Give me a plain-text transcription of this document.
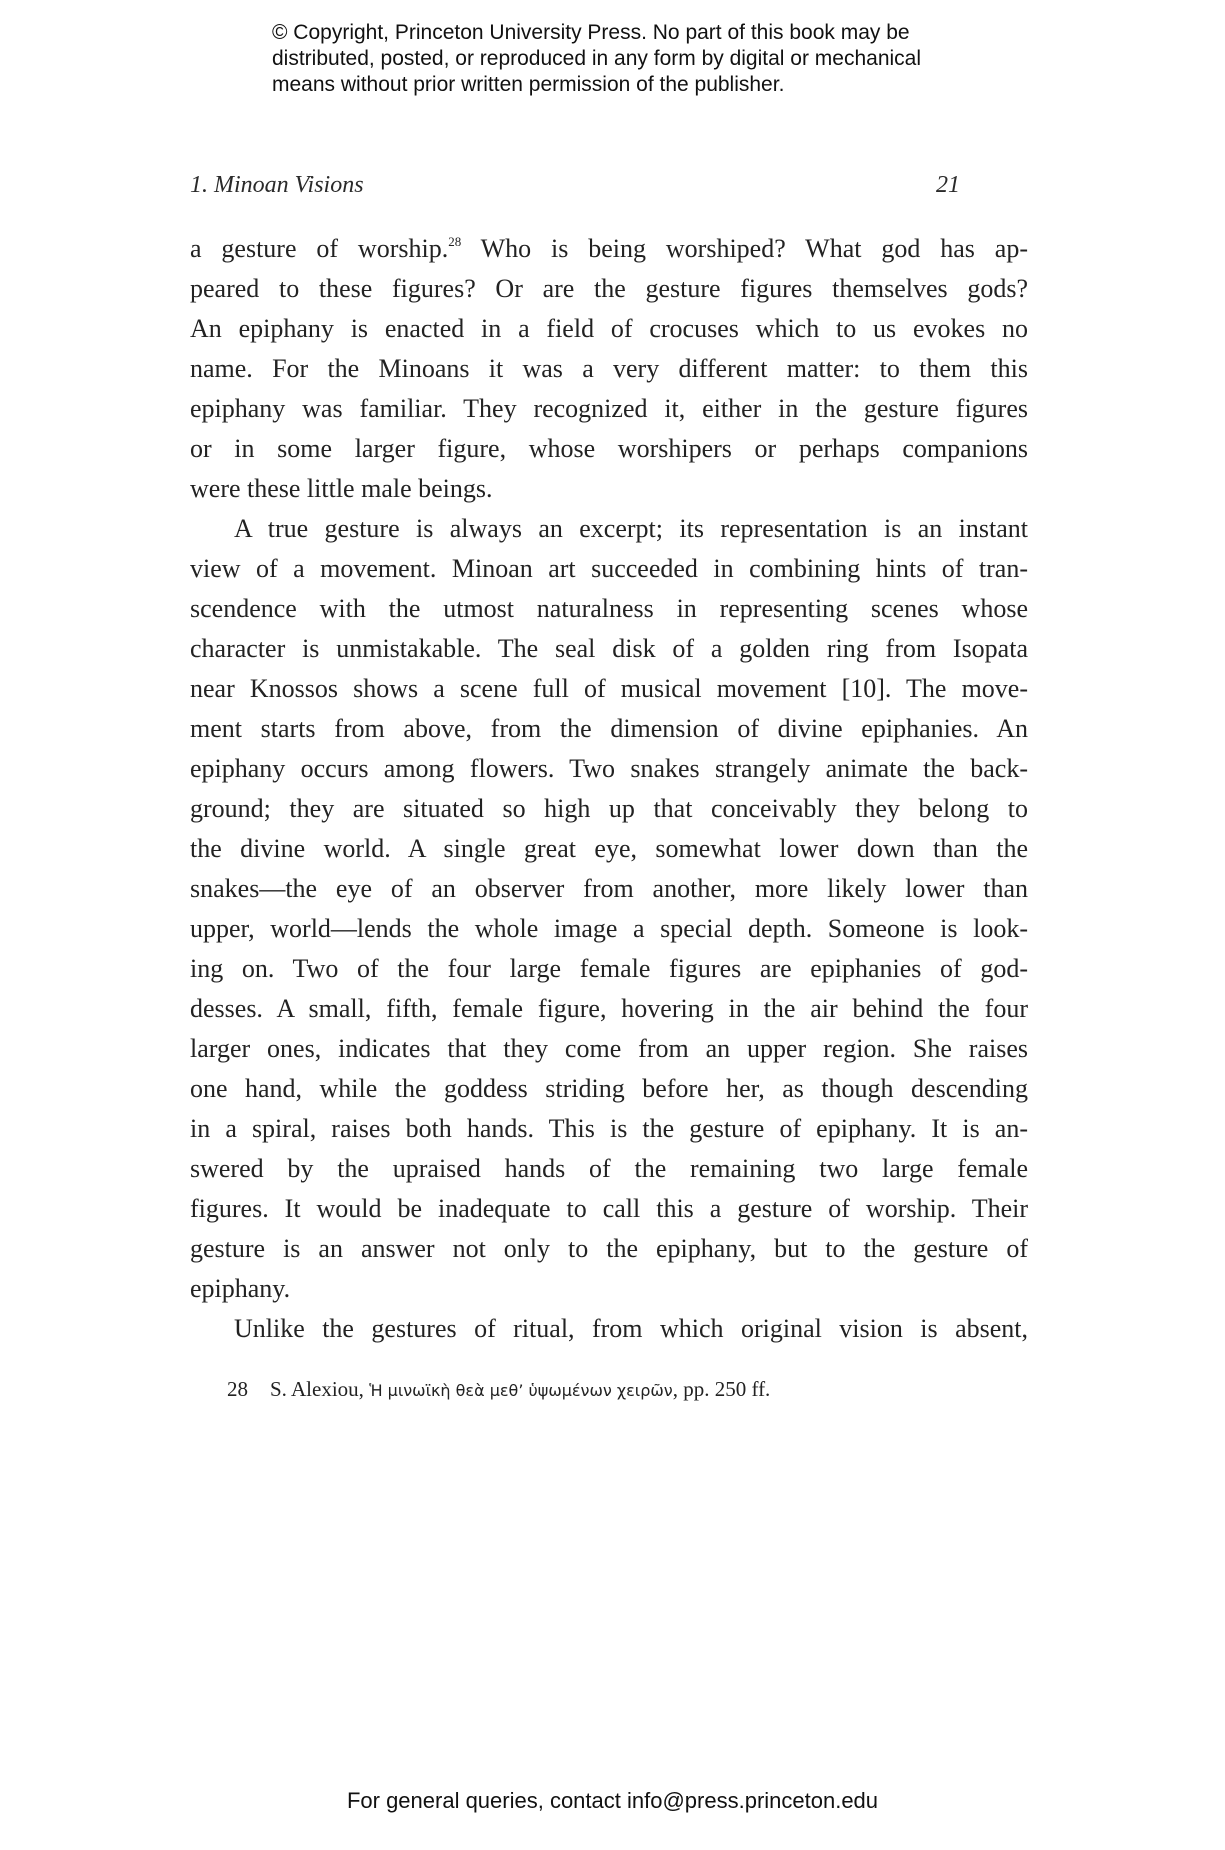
© Copyright, Princeton University Press. No part of this book may be
distributed, posted, or reproduced in any form by digital or mechanical
means without prior written permission of the publisher.
1. Minoan Visions	21
a gesture of worship.$^{28}$ Who is being worshiped? What god has ap-
peared to these figures? Or are the gesture figures themselves gods?
An epiphany is enacted in a field of crocuses which to us evokes no
name. For the Minoans it was a very different matter: to them this
epiphany was familiar. They recognized it, either in the gesture figures
or in some larger figure, whose worshipers or perhaps companions
were these little male beings.
A true gesture is always an excerpt; its representation is an instant
view of a movement. Minoan art succeeded in combining hints of tran-
scendence with the utmost naturalness in representing scenes whose
character is unmistakable. The seal disk of a golden ring from Isopata
near Knossos shows a scene full of musical movement [10]. The move-
ment starts from above, from the dimension of divine epiphanies. An
epiphany occurs among flowers. Two snakes strangely animate the back-
ground; they are situated so high up that conceivably they belong to
the divine world. A single great eye, somewhat lower down than the
snakes—the eye of an observer from another, more likely lower than
upper, world—lends the whole image a special depth. Someone is look-
ing on. Two of the four large female figures are epiphanies of god-
desses. A small, fifth, female figure, hovering in the air behind the four
larger ones, indicates that they come from an upper region. She raises
one hand, while the goddess striding before her, as though descending
in a spiral, raises both hands. This is the gesture of epiphany. It is an-
swered by the upraised hands of the remaining two large female
figures. It would be inadequate to call this a gesture of worship. Their
gesture is an answer not only to the epiphany, but to the gesture of
epiphany.
Unlike the gestures of ritual, from which original vision is absent,
28 S. Alexiou, Ἡ μινωϊκὴ θεὰ μεθ’ ὑψωμένων χειρῶν, pp. 250 ff.
For general queries, contact info@press.princeton.edu
